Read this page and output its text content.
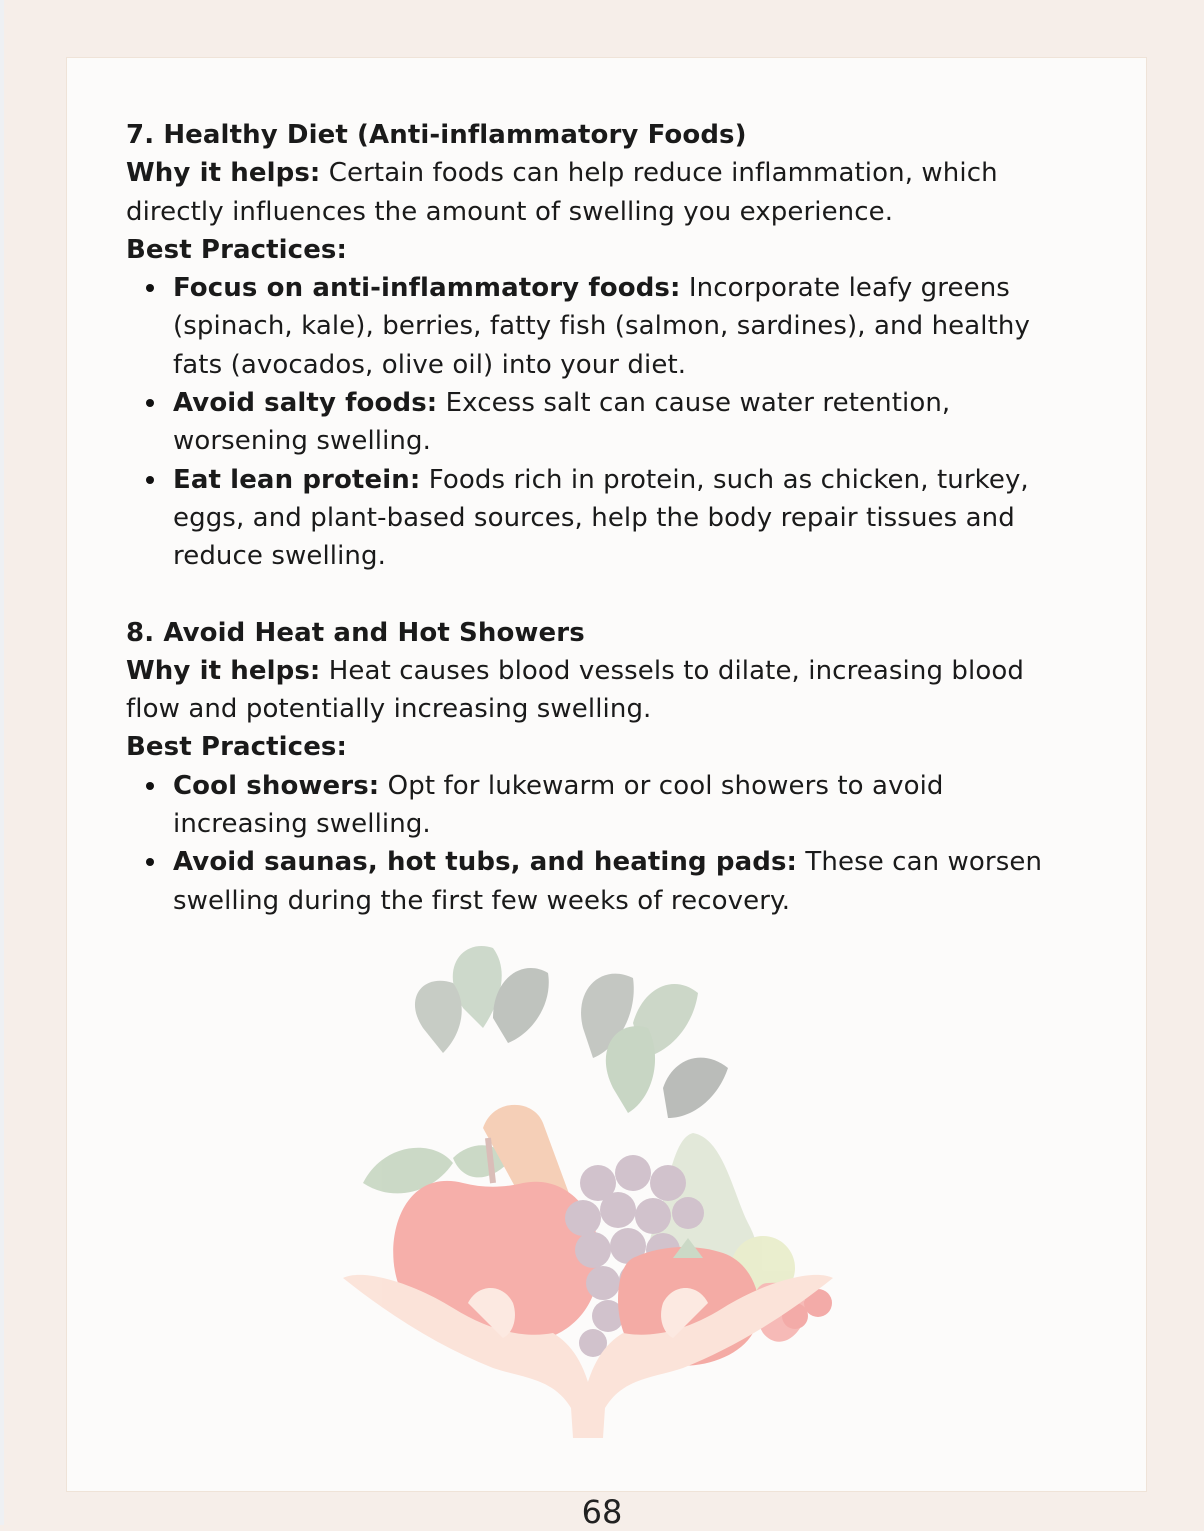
7. Healthy Diet (Anti-inflammatory Foods)

Why it helps: Certain foods can help reduce inflammation, which directly influences the amount of swelling you experience.

Best Practices:

Focus on anti-inflammatory foods: Incorporate leafy greens (spinach, kale), berries, fatty fish (salmon, sardines), and healthy fats (avocados, olive oil) into your diet.
Avoid salty foods: Excess salt can cause water retention, worsening swelling.
Eat lean protein: Foods rich in protein, such as chicken, turkey, eggs, and plant-based sources, help the body repair tissues and reduce swelling.

8. Avoid Heat and Hot Showers

Why it helps: Heat causes blood vessels to dilate, increasing blood flow and potentially increasing swelling.

Best Practices:

Cool showers: Opt for lukewarm or cool showers to avoid increasing swelling.
Avoid saunas, hot tubs, and heating pads: These can worsen swelling during the first few weeks of recovery.
68
